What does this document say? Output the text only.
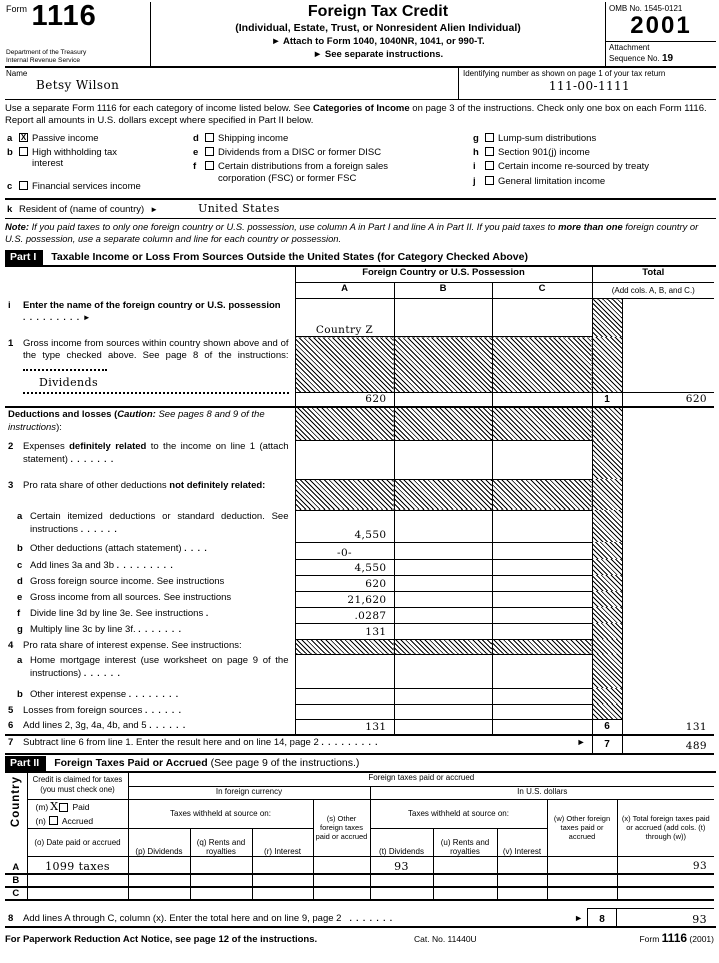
$^{Form}$ 1116
Department of the Treasury
Internal Revenue Service
Foreign Tax Credit
(Individual, Estate, Trust, or Nonresident Alien Individual)
► Attach to Form 1040, 1040NR, 1041, or 990-T.
► See separate instructions.
OMB No. 1545-0121
2001
Attachment
Sequence No. 19
Name
Betsy Wilson
Identifying number as shown on page 1 of your tax return
111-00-1111
Use a separate Form 1116 for each category of income listed below. See Categories of Income on page 3 of the instructions. Check only one box on each Form 1116. Report all amounts in U.S. dollars except where specified in Part II below.
a	X Passive income
b	High withholding tax interest
c	Financial services income
d	Shipping income
e	Dividends from a DISC or former DISC
f	Certain distributions from a foreign sales corporation (FSC) or former FSC
g	Lump-sum distributions
h	Section 901(j) income
i	Certain income re-sourced by treaty
j	General limitation income
k Resident of (name of country) ►	United States
Note: If you paid taxes to only one foreign country or U.S. possession, use column A in Part I and line A in Part II. If you paid taxes to more than one foreign country or U.S. possession, use a separate column and line for each country or possession.
Part I	Taxable Income or Loss From Sources Outside the United States (for Category Checked Above)
	Foreign Country or U.S. Possession			Total	
	A	B	C	(Add cols. A, B, and C.)	

i Enter the name of the foreign country or U.S. possession . . . . . . . . . ►	Country Z				

1 Gross income from sources within country shown above and of the type checked above. See page 8 of the instructions:
Dividends					

	620			1	620
Deductions and losses (Caution: See pages 8 and 9 of the instructions):					

2 Expenses definitely related to the income on line 1 (attach statement) . . . . . . .					

3 Pro rata share of other deductions not definitely related:					

a Certain itemized deductions or standard deduction. See instructions . . . . . .	4,550				

b Other deductions (attach statement) . . . .	-0-				

c Add lines 3a and 3b . . . . . . . . .	4,550				

d Gross foreign source income. See instructions	620				

e Gross income from all sources. See instructions	21,620				

f Divide line 3d by line 3e. See instructions .	.0287				

g Multiply line 3c by line 3f. . . . . . . .	131				

4 Pro rata share of interest expense. See instructions:					

a Home mortgage interest (use worksheet on page 9 of the instructions) . . . . . .					

b Other interest expense . . . . . . . .					

5 Losses from foreign sources . . . . . .					

6 Add lines 2, 3g, 4a, 4b, and 5 . . . . . .	131			6	131

7 Subtract line 6 from line 1. Enter the result here and on line 14, page 2 . . . . . . . . . ►				7	489
Part II	Foreign Taxes Paid or Accrued (See page 9 of the instructions.)
Country	Credit is claimed for taxes (you must check one)	Foreign taxes paid or accrued								
		In foreign currency				In U.S. dollars				

	(m) X Paid
(n) Accrued	Taxes withheld at source on:			(s) Other foreign taxes paid or accrued	Taxes withheld at source on:			(w) Other foreign taxes paid or accrued	(x) Total foreign taxes paid or accrued (add cols. (t) through (w))
	(o) Date paid or accrued	(p) Dividends	(q) Rents and royalties	(r) Interest		(t) Dividends	(u) Rents and royalties	(v) Interest		
A	1099 taxes					93				93
B										
C										
8	Add lines A through C, column (x). Enter the total here and on line 9, page 2 . . . . . . .	►	8	93
For Paperwork Reduction Act Notice, see page 12 of the instructions.	Cat. No. 11440U	Form 1116 (2001)
